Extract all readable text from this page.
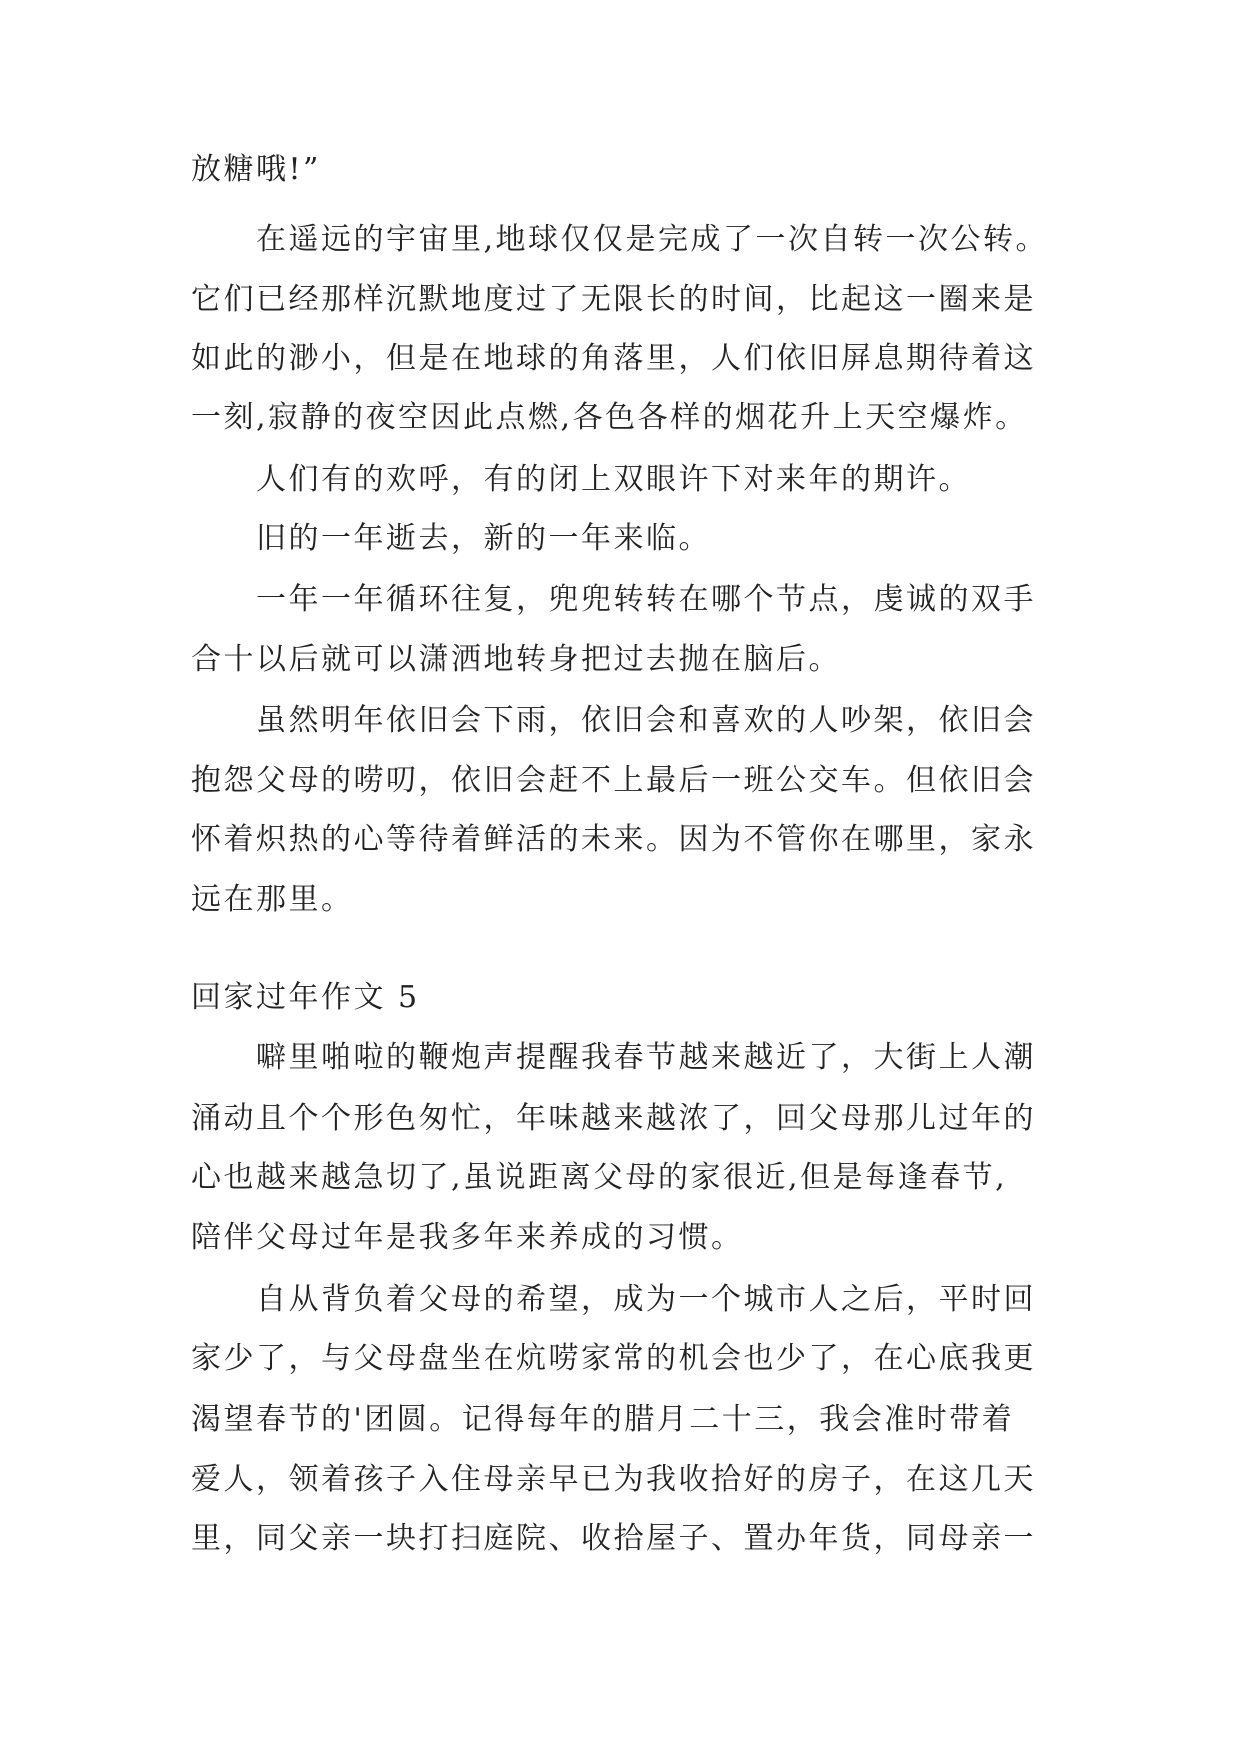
放糖哦!”
在遥远的宇宙里,地球仅仅是完成了一次自转一次公转。
它们已经那样沉默地度过了无限长的时间，比起这一圈来是
如此的渺小，但是在地球的角落里，人们依旧屏息期待着这
一刻,寂静的夜空因此点燃,各色各样的烟花升上天空爆炸。
人们有的欢呼，有的闭上双眼许下对来年的期许。
旧的一年逝去，新的一年来临。
一年一年循环往复，兜兜转转在哪个节点，虔诚的双手
合十以后就可以潇洒地转身把过去抛在脑后。
虽然明年依旧会下雨，依旧会和喜欢的人吵架，依旧会
抱怨父母的唠叨，依旧会赶不上最后一班公交车。但依旧会
怀着炽热的心等待着鲜活的未来。因为不管你在哪里，家永
远在那里。
回家过年作文 5
噼里啪啦的鞭炮声提醒我春节越来越近了，大街上人潮
涌动且个个形色匆忙，年味越来越浓了，回父母那儿过年的
心也越来越急切了,虽说距离父母的家很近,但是每逢春节,
陪伴父母过年是我多年来养成的习惯。
自从背负着父母的希望，成为一个城市人之后，平时回
家少了，与父母盘坐在炕唠家常的机会也少了，在心底我更
渴望春节的'团圆。记得每年的腊月二十三，我会准时带着
爱人，领着孩子入住母亲早已为我收拾好的房子，在这几天
里，同父亲一块打扫庭院、收拾屋子、置办年货，同母亲一
